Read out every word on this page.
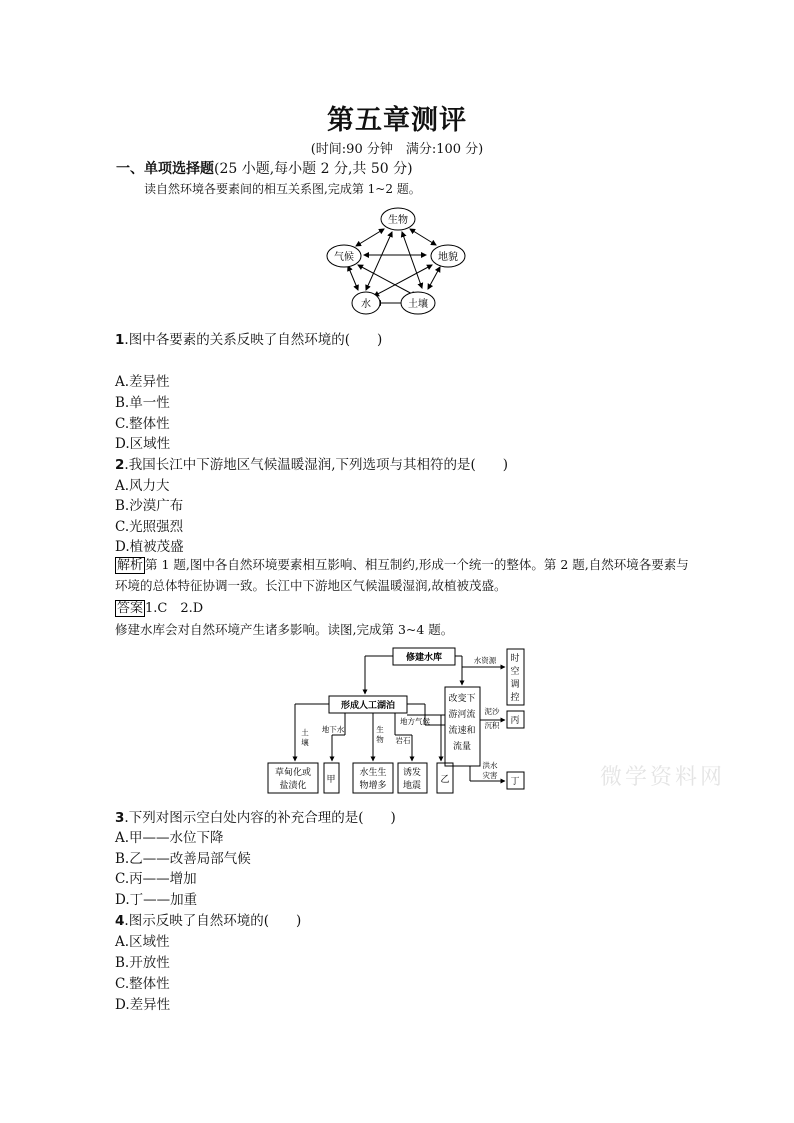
第五章测评
(时间:90 分钟　满分:100 分)
一、单项选择题(25 小题,每小题 2 分,共 50 分)
读自然环境各要素间的相互关系图,完成第 1~2 题。
生物
地貌
土壤
水
气候
1.图中各要素的关系反映了自然环境的(　　)
A.差异性
B.单一性
C.整体性
D.区域性
2.我国长江中下游地区气候温暖湿润,下列选项与其相符的是(　　)
A.风力大
B.沙漠广布
C.光照强烈
D.植被茂盛
解析 第 1 题,图中各自然环境要素相互影响、相互制约,形成一个统一的整体。第 2 题,自然环境各要素与环境的总体特征协调一致。长江中下游地区气候温暖湿润,故植被茂盛。
答案 1.C　2.D
修建水库会对自然环境产生诸多影响。读图,完成第 3~4 题。
修建水库
形成人工湖泊
改变下
游河流
流速和
流量
时
空
调
控
丙
丁
草甸化或
盐渍化
甲
水生生
物增多
诱发
地震
乙
水资源
泥沙
沉积
洪水
灾害
土
壤
地下水	生
物
地方气候
岩石
3.下列对图示空白处内容的补充合理的是(　　)
A.甲——水位下降
B.乙——改善局部气候
C.丙——增加
D.丁——加重
4.图示反映了自然环境的(　　)
A.区域性
B.开放性
C.整体性
D.差异性
微学资料网
